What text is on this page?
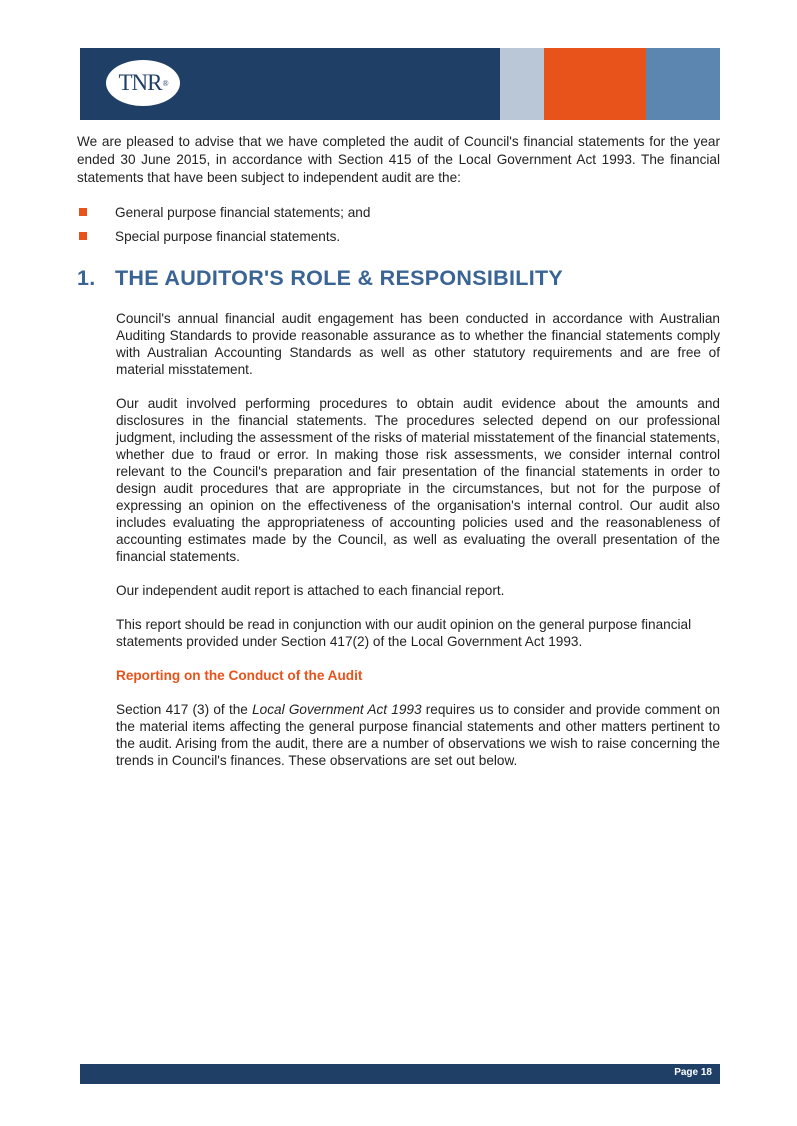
TNR ®

We are pleased to advise that we have completed the audit of Council's financial statements for the year ended 30 June 2015, in accordance with Section 415 of the Local Government Act 1993. The financial statements that have been subject to independent audit are the:

General purpose financial statements; and
Special purpose financial statements.
1. THE AUDITOR'S ROLE & RESPONSIBILITY

Council's annual financial audit engagement has been conducted in accordance with Australian Auditing Standards to provide reasonable assurance as to whether the financial statements comply with Australian Accounting Standards as well as other statutory requirements and are free of material misstatement.

Our audit involved performing procedures to obtain audit evidence about the amounts and disclosures in the financial statements. The procedures selected depend on our professional judgment, including the assessment of the risks of material misstatement of the financial statements, whether due to fraud or error. In making those risk assessments, we consider internal control relevant to the Council's preparation and fair presentation of the financial statements in order to design audit procedures that are appropriate in the circumstances, but not for the purpose of expressing an opinion on the effectiveness of the organisation's internal control. Our audit also includes evaluating the appropriateness of accounting policies used and the reasonableness of accounting estimates made by the Council, as well as evaluating the overall presentation of the financial statements.

Our independent audit report is attached to each financial report.

This report should be read in conjunction with our audit opinion on the general purpose financial statements provided under Section 417(2) of the Local Government Act 1993.

Reporting on the Conduct of the Audit

Section 417 (3) of the Local Government Act 1993 requires us to consider and provide comment on the material items affecting the general purpose financial statements and other matters pertinent to the audit. Arising from the audit, there are a number of observations we wish to raise concerning the trends in Council's finances. These observations are set out below.

Page 18
